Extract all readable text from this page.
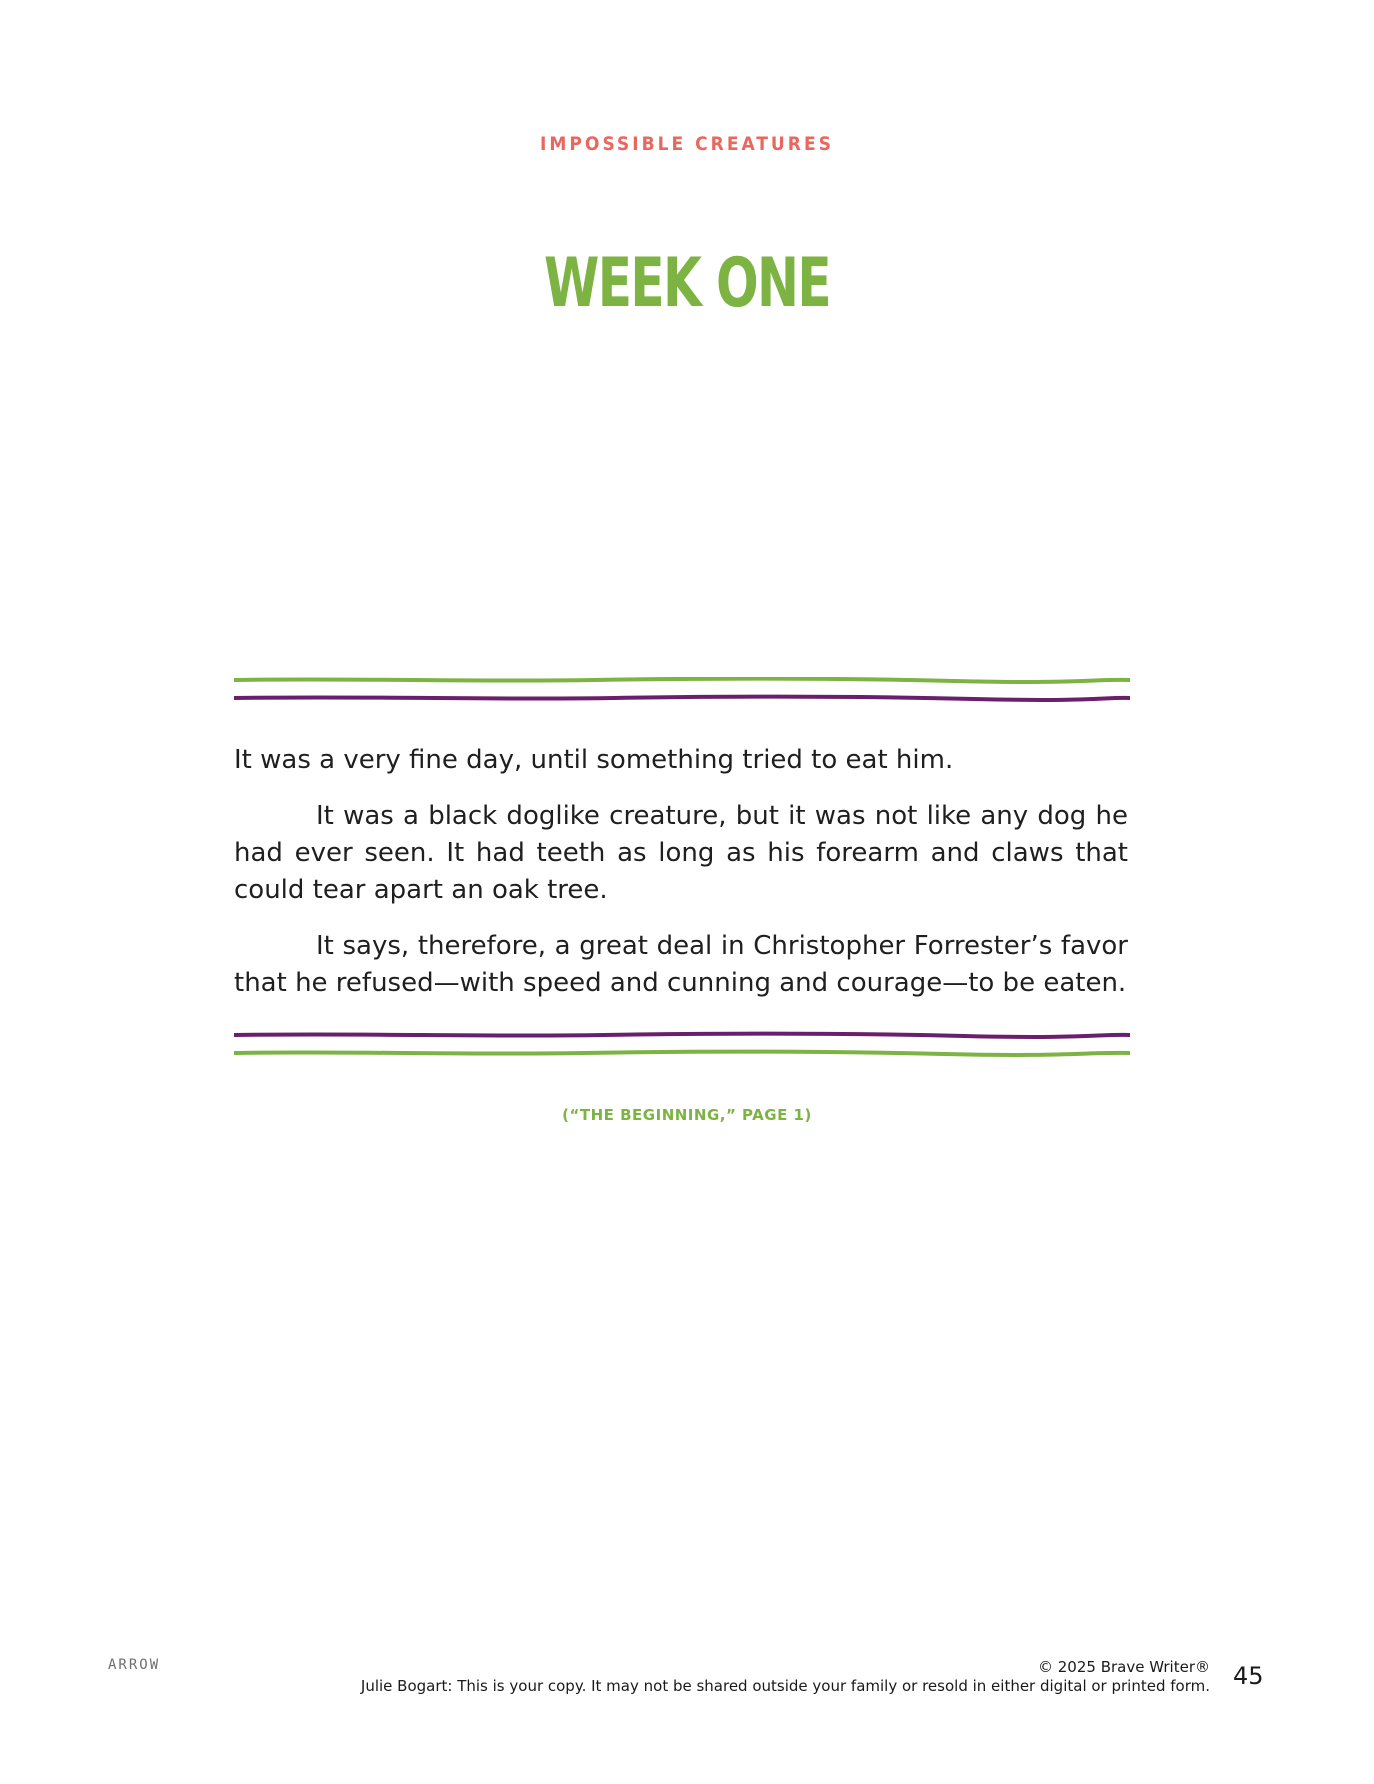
IMPOSSIBLE CREATURES
WEEK ONE

It was a very fine day, until something tried to eat him.

It was a black doglike creature, but it was not like any dog he had ever seen. It had teeth as long as his forearm and claws that could tear apart an oak tree.

It says, therefore, a great deal in Christopher Forrester’s favor that he refused—with speed and cunning and courage—to be eaten.

(“THE BEGINNING,” PAGE 1)
ARROW	© 2025 Brave Writer®
Julie Bogart: This is your copy. It may not be shared outside your family or resold in either digital or printed form. 45
